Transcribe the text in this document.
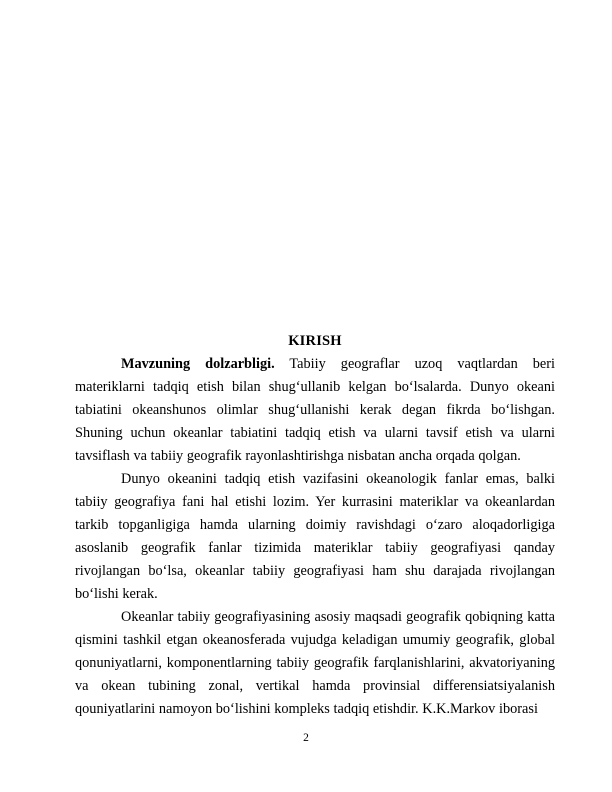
KIRISH

Mavzuning dolzarbligi. Tabiiy geograflar uzoq vaqtlardan beri materiklarni tadqiq etish bilan shug‘ullanib kelgan bo‘lsalarda. Dunyo okeani tabiatini okeanshunos olimlar shug‘ullanishi kerak degan fikrda bo‘lishgan. Shuning uchun okeanlar tabiatini tadqiq etish va ularni tavsif etish va ularni tavsiflash va tabiiy geografik rayonlashtirishga nisbatan ancha orqada qolgan.

Dunyo okeanini tadqiq etish vazifasini okeanologik fanlar emas, balki tabiiy geografiya fani hal etishi lozim. Yer kurrasini materiklar va okeanlardan tarkib topganligiga hamda ularning doimiy ravishdagi o‘zaro aloqadorligiga asoslanib geografik fanlar tizimida materiklar tabiiy geografiyasi qanday rivojlangan bo‘lsa, okeanlar tabiiy geografiyasi ham shu darajada rivojlangan bo‘lishi kerak.

Okeanlar tabiiy geografiyasining asosiy maqsadi geografik qobiqning katta qismini tashkil etgan okeanosferada vujudga keladigan umumiy geografik, global qonuniyatlarni, komponentlarning tabiiy geografik farqlanishlarini, akvatoriyaning va okean tubining zonal, vertikal hamda provinsial differensiatsiyalanish qouniyatlarini namoyon bo‘lishini kompleks tadqiq etishdir. K.K.Markov iborasi

2
